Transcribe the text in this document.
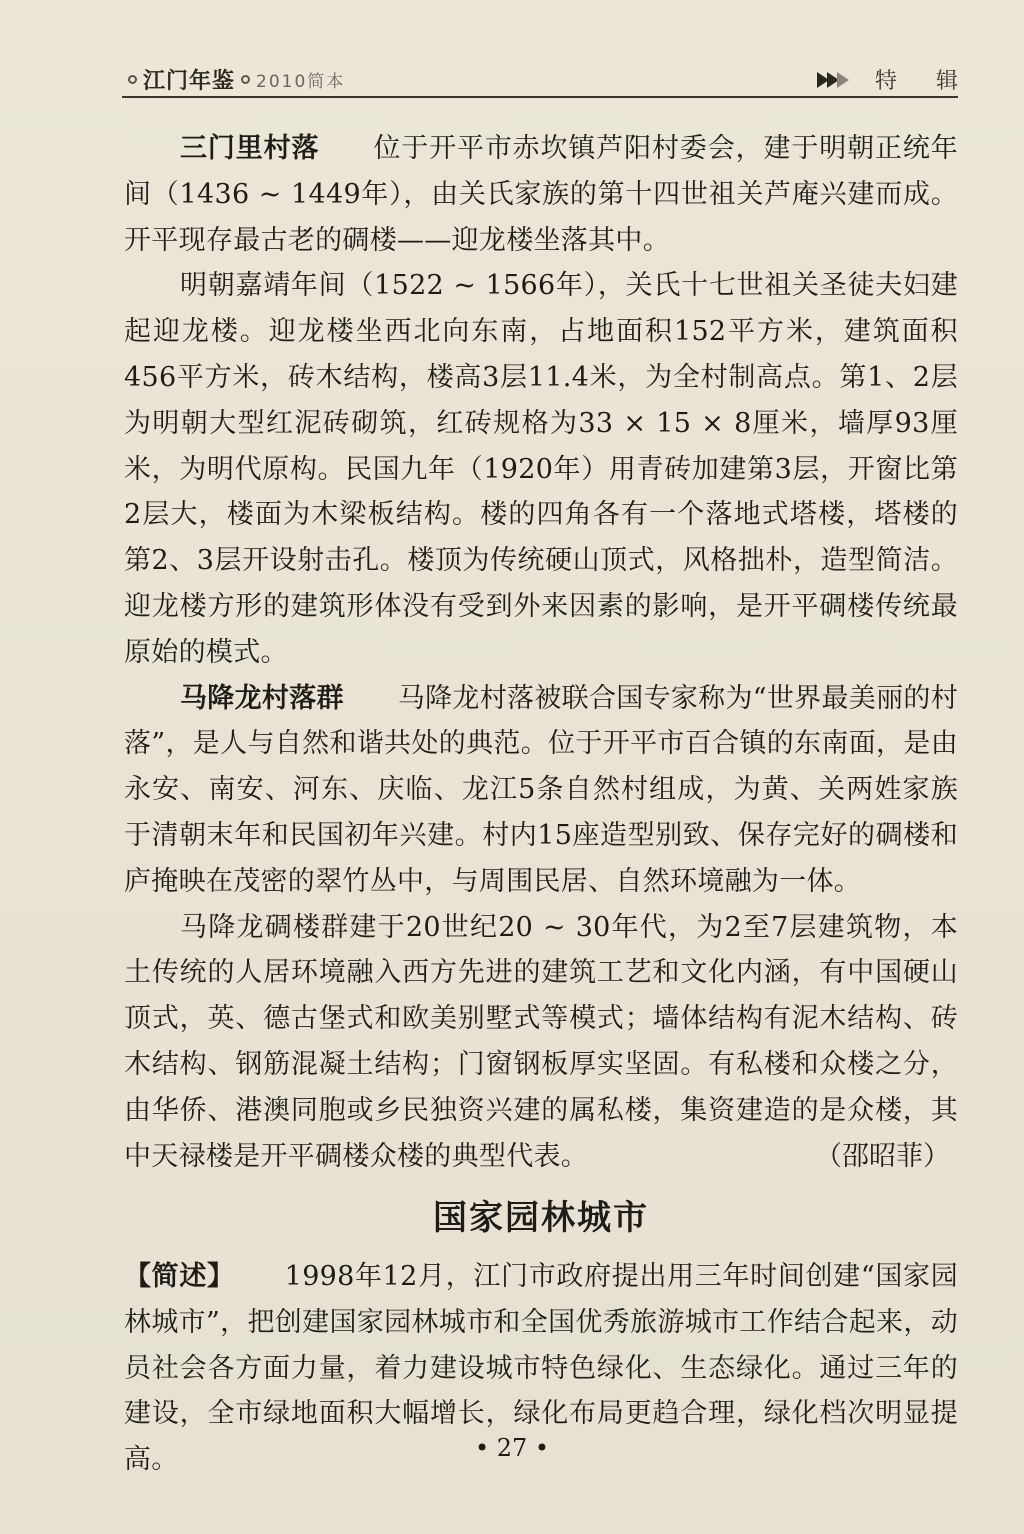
江门年鉴 2010简本	特 辑

三门里村落 位于开平市赤坎镇芦阳村委会，建于明朝正统年间（1436 ~ 1449年），由关氏家族的第十四世祖关芦庵兴建而成。开平现存最古老的碉楼——迎龙楼坐落其中。

明朝嘉靖年间（1522 ~ 1566年），关氏十七世祖关圣徒夫妇建起迎龙楼。迎龙楼坐西北向东南，占地面积152平方米，建筑面积456平方米，砖木结构，楼高3层11.4米，为全村制高点。第1、2层为明朝大型红泥砖砌筑，红砖规格为33 × 15 × 8厘米，墙厚93厘米，为明代原构。民国九年（1920年）用青砖加建第3层，开窗比第2层大，楼面为木梁板结构。楼的四角各有一个落地式塔楼，塔楼的第2、3层开设射击孔。楼顶为传统硬山顶式，风格拙朴，造型简洁。迎龙楼方形的建筑形体没有受到外来因素的影响，是开平碉楼传统最原始的模式。

马降龙村落群 马降龙村落被联合国专家称为“世界最美丽的村落”，是人与自然和谐共处的典范。位于开平市百合镇的东南面，是由永安、南安、河东、庆临、龙江5条自然村组成，为黄、关两姓家族于清朝末年和民国初年兴建。村内15座造型别致、保存完好的碉楼和庐掩映在茂密的翠竹丛中，与周围民居、自然环境融为一体。

马降龙碉楼群建于20世纪20 ~ 30年代，为2至7层建筑物，本土传统的人居环境融入西方先进的建筑工艺和文化内涵，有中国硬山顶式，英、德古堡式和欧美别墅式等模式；墙体结构有泥木结构、砖木结构、钢筋混凝土结构；门窗钢板厚实坚固。有私楼和众楼之分，由华侨、港澳同胞或乡民独资兴建的属私楼，集资建造的是众楼，其中天禄楼是开平碉楼众楼的典型代表。	（邵昭菲）
国家园林城市

【简述】 1998年12月，江门市政府提出用三年时间创建“国家园林城市”，把创建国家园林城市和全国优秀旅游城市工作结合起来，动员社会各方面力量，着力建设城市特色绿化、生态绿化。通过三年的建设，全市绿地面积大幅增长，绿化布局更趋合理，绿化档次明显提高。	• 27 •
